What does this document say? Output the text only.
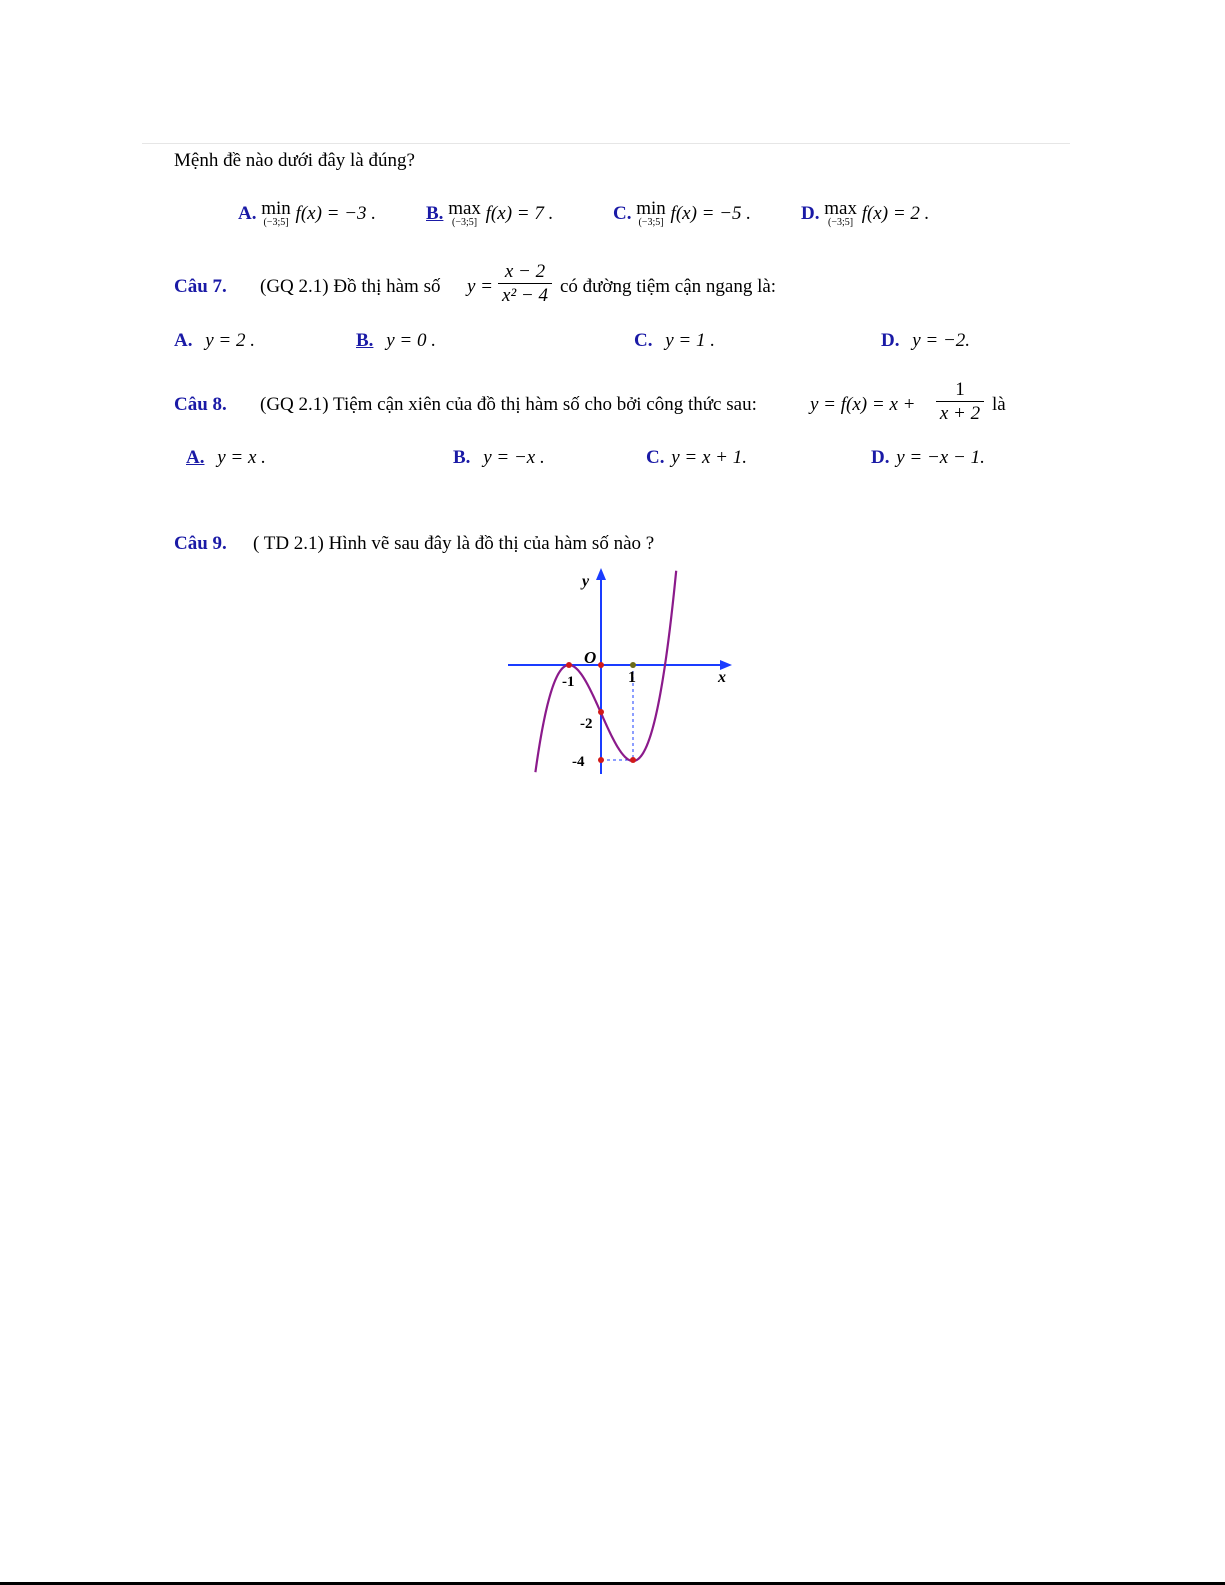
Mệnh đề nào dưới đây là đúng?
A. min
(−3;5] f(x) = −3 .	B. max
(−3;5] f(x) = 7 .	C. min
(−3;5] f(x) = −5 .	D. max
(−3;5] f(x) = 2 .
Câu 7. (GQ 2.1) Đồ thị hàm số y =
x − 2
x² − 4 có đường tiệm cận ngang là:
A. y = 2 .	B. y = 0 .	C. y = 1 .	D. y = −2.
Câu 8. (GQ 2.1) Tiệm cận xiên của đồ thị hàm số cho bởi công thức sau:	y = f(x) = x +
1
x + 2 là
A. y = x .	B. y = −x .	C. y = x + 1.	D. y = −x − 1.
Câu 9. ( TD 2.1) Hình vẽ sau đây là đồ thị của hàm số nào ?
y
x
O
-1	1
-2
-4
